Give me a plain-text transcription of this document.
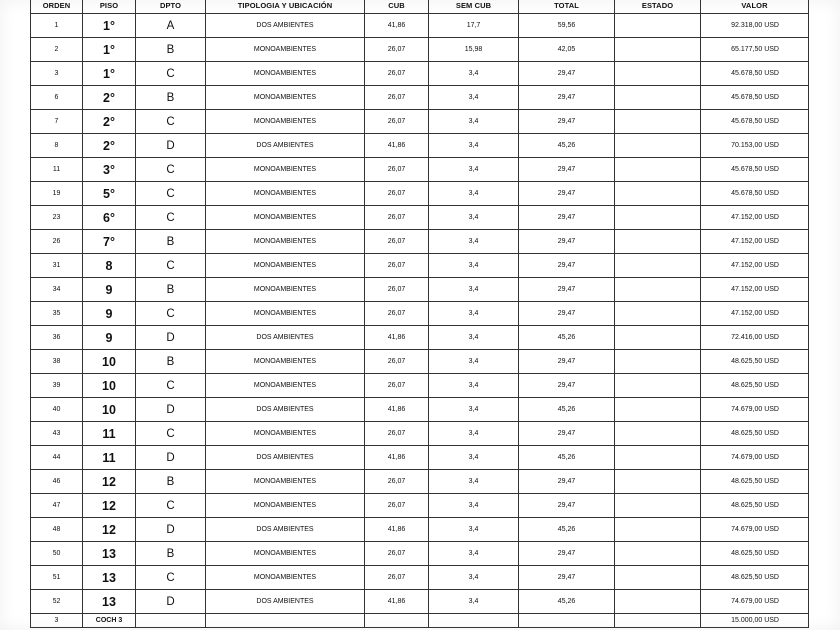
ORDEN	PISO	DPTO	TIPOLOGIA Y UBICACIÓN	CUB	SEM CUB	TOTAL	ESTADO	VALOR
1	1°	A	DOS AMBIENTES	41,86	17,7	59,56		92.318,00 USD
2	1°	B	MONOAMBIENTES	26,07	15,98	42,05		65.177,50 USD
3	1°	C	MONOAMBIENTES	26,07	3,4	29,47		45.678,50 USD
6	2°	B	MONOAMBIENTES	26,07	3,4	29,47		45.678,50 USD
7	2°	C	MONOAMBIENTES	26,07	3,4	29,47		45.678,50 USD
8	2°	D	DOS AMBIENTES	41,86	3,4	45,26		70.153,00 USD
11	3°	C	MONOAMBIENTES	26,07	3,4	29,47		45.678,50 USD
19	5°	C	MONOAMBIENTES	26,07	3,4	29,47		45.678,50 USD
23	6°	C	MONOAMBIENTES	26,07	3,4	29,47		47.152,00 USD
26	7°	B	MONOAMBIENTES	26,07	3,4	29,47		47.152,00 USD
31	8	C	MONOAMBIENTES	26,07	3,4	29,47		47.152,00 USD
34	9	B	MONOAMBIENTES	26,07	3,4	29,47		47.152,00 USD
35	9	C	MONOAMBIENTES	26,07	3,4	29,47		47.152,00 USD
36	9	D	DOS AMBIENTES	41,86	3,4	45,26		72.416,00 USD
38	10	B	MONOAMBIENTES	26,07	3,4	29,47		48.625,50 USD
39	10	C	MONOAMBIENTES	26,07	3,4	29,47		48.625,50 USD
40	10	D	DOS AMBIENTES	41,86	3,4	45,26		74.679,00 USD
43	11	C	MONOAMBIENTES	26,07	3,4	29,47		48.625,50 USD
44	11	D	DOS AMBIENTES	41,86	3,4	45,26		74.679,00 USD
46	12	B	MONOAMBIENTES	26,07	3,4	29,47		48.625,50 USD
47	12	C	MONOAMBIENTES	26,07	3,4	29,47		48.625,50 USD
48	12	D	DOS AMBIENTES	41,86	3,4	45,26		74.679,00 USD
50	13	B	MONOAMBIENTES	26,07	3,4	29,47		48.625,50 USD
51	13	C	MONOAMBIENTES	26,07	3,4	29,47		48.625,50 USD
52	13	D	DOS AMBIENTES	41,86	3,4	45,26		74.679,00 USD
3	COCH 3							15.000,00 USD
